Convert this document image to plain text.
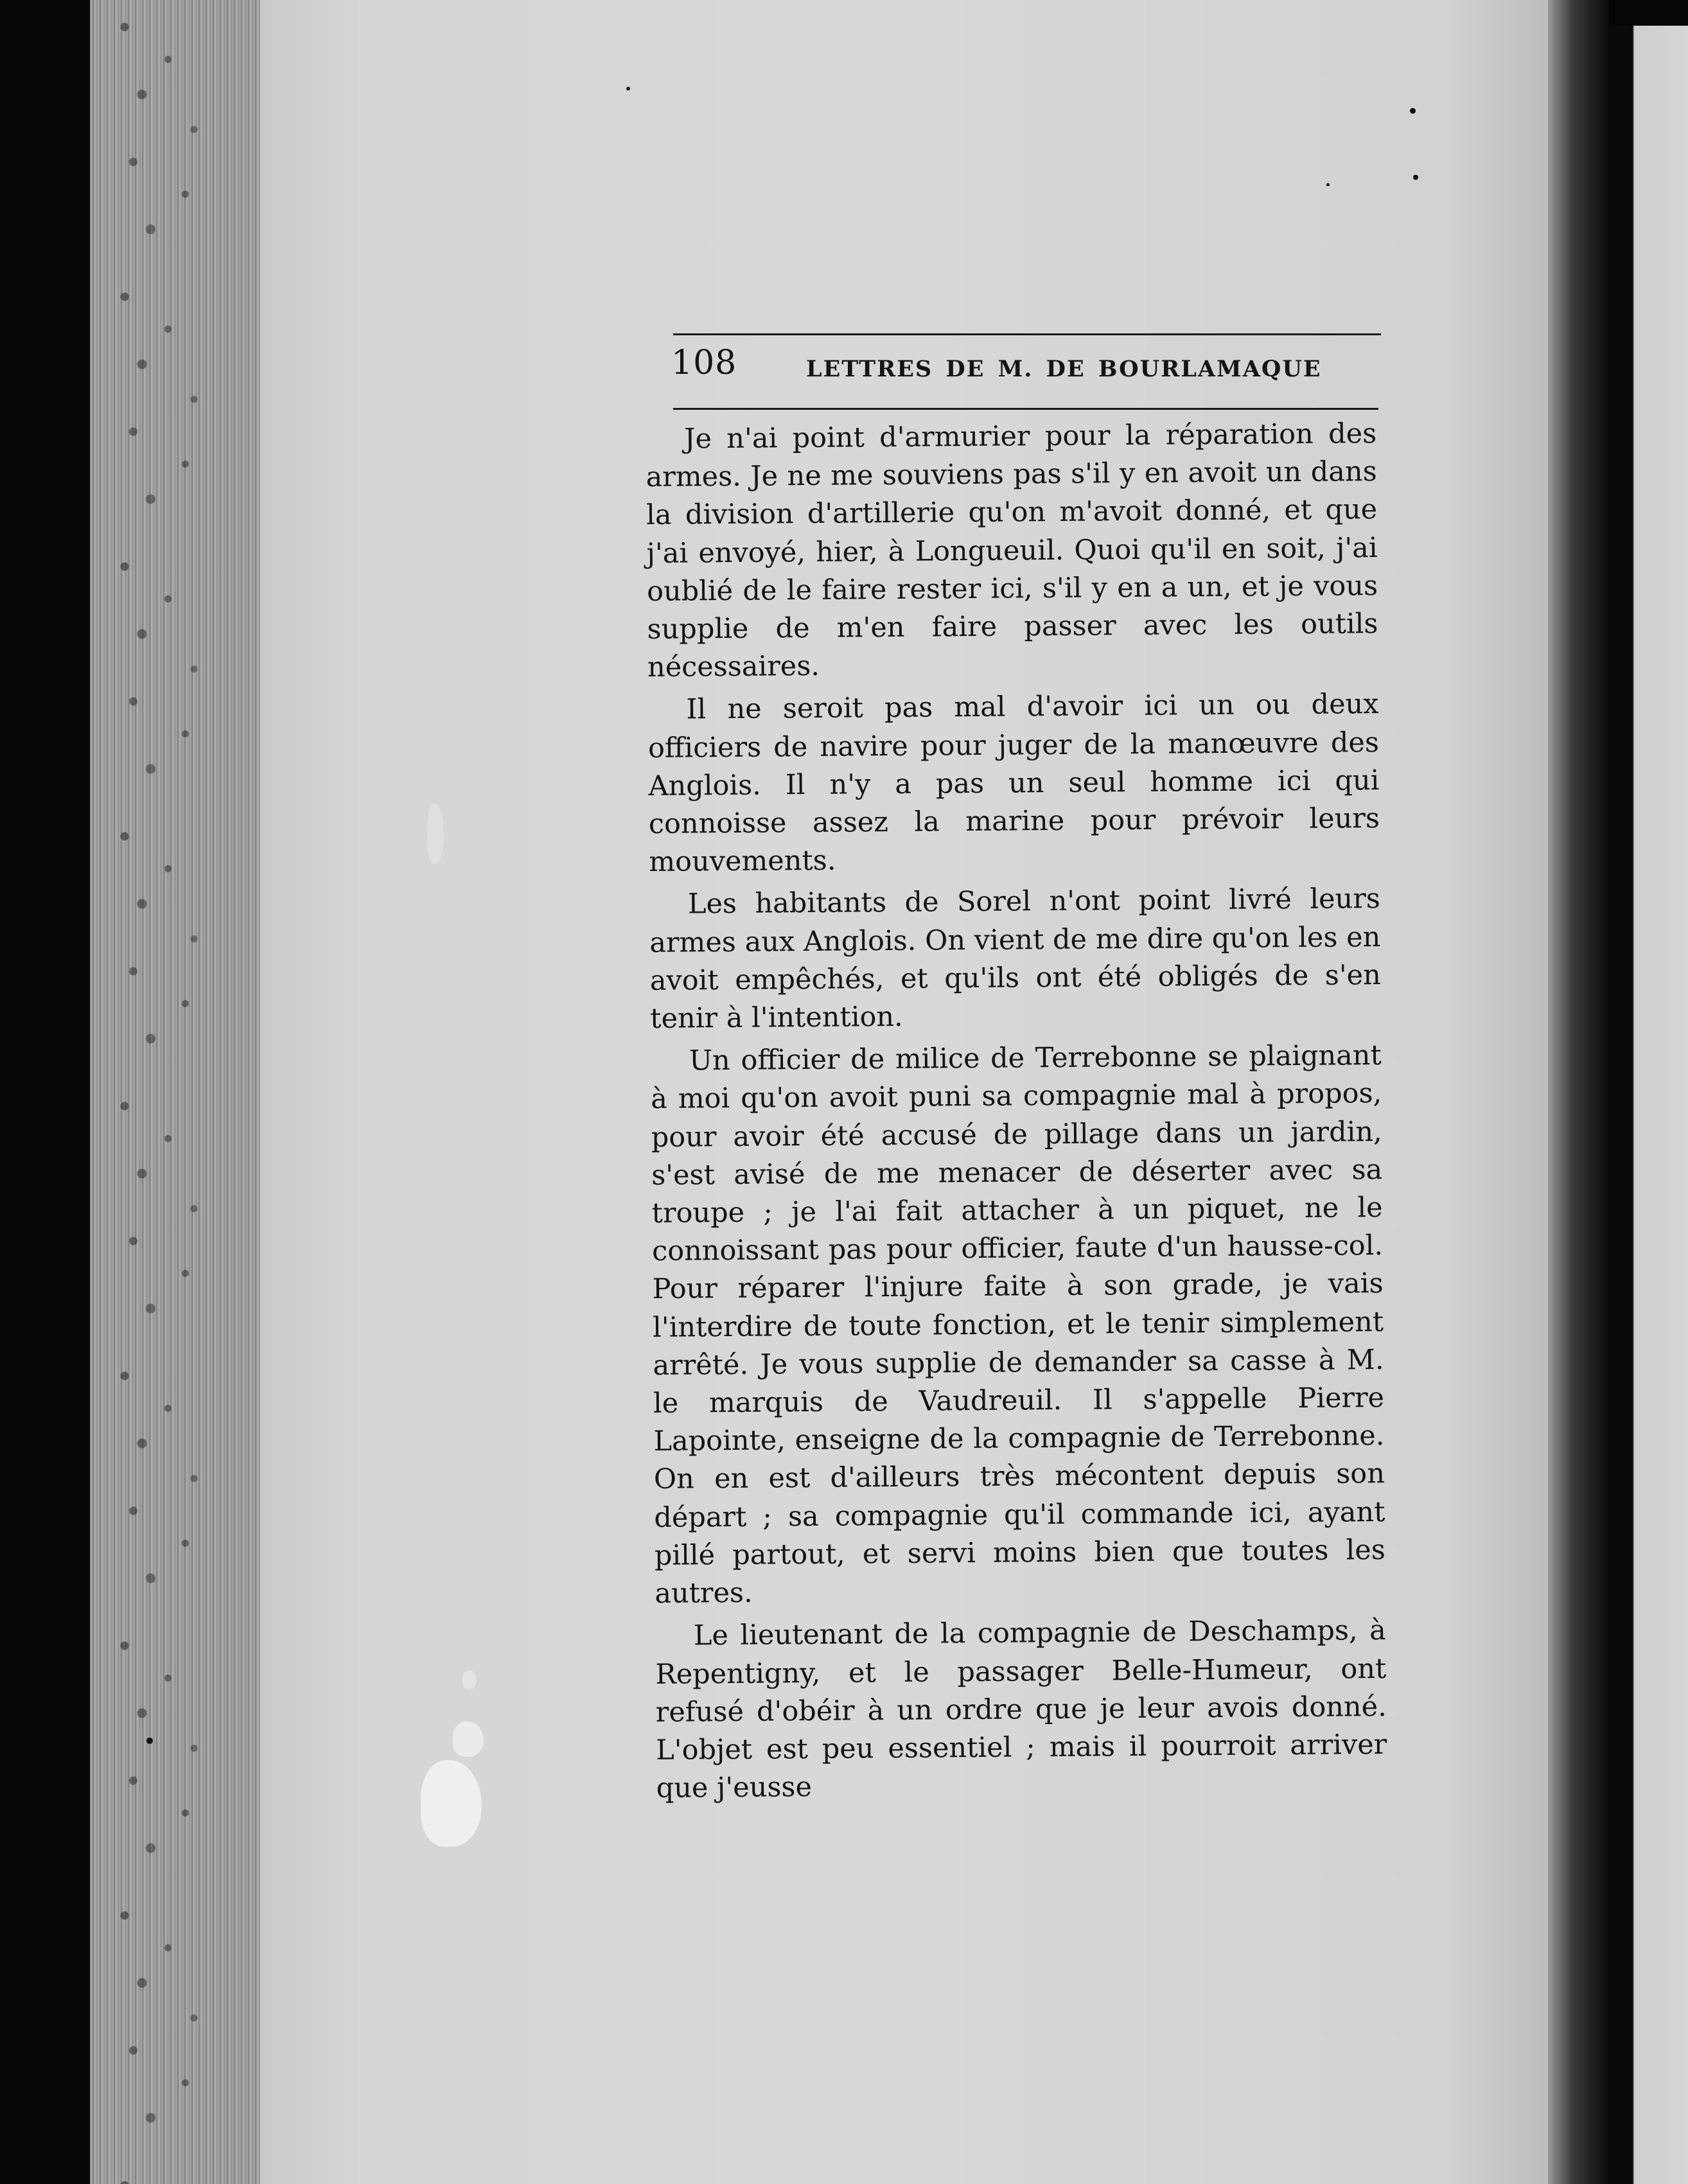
108	LETTRES DE M. DE BOURLAMAQUE

Je n'ai point d'armurier pour la réparation des armes. Je ne me souviens pas s'il y en avoit un dans la division d'artillerie qu'on m'avoit donné, et que j'ai envoyé, hier, à Longueuil. Quoi qu'il en soit, j'ai oublié de le faire rester ici, s'il y en a un, et je vous supplie de m'en faire passer avec les outils nécessaires.

Il ne seroit pas mal d'avoir ici un ou deux officiers de navire pour juger de la manœuvre des Anglois. Il n'y a pas un seul homme ici qui connoisse assez la marine pour prévoir leurs mouvements.

Les habitants de Sorel n'ont point livré leurs armes aux Anglois. On vient de me dire qu'on les en avoit empêchés, et qu'ils ont été obligés de s'en tenir à l'intention.

Un officier de milice de Terrebonne se plaignant à moi qu'on avoit puni sa compagnie mal à propos, pour avoir été accusé de pillage dans un jardin, s'est avisé de me menacer de déserter avec sa troupe ; je l'ai fait attacher à un piquet, ne le connoissant pas pour officier, faute d'un hausse-col. Pour réparer l'injure faite à son grade, je vais l'interdire de toute fonction, et le tenir simplement arrêté. Je vous supplie de demander sa casse à M. le marquis de Vaudreuil. Il s'appelle Pierre Lapointe, enseigne de la compagnie de Terrebonne. On en est d'ailleurs très mécontent depuis son départ ; sa compagnie qu'il commande ici, ayant pillé partout, et servi moins bien que toutes les autres.

Le lieutenant de la compagnie de Deschamps, à Repentigny, et le passager Belle-Humeur, ont refusé d'obéir à un ordre que je leur avois donné. L'objet est peu essentiel ; mais il pourroit arriver que j'eusse
